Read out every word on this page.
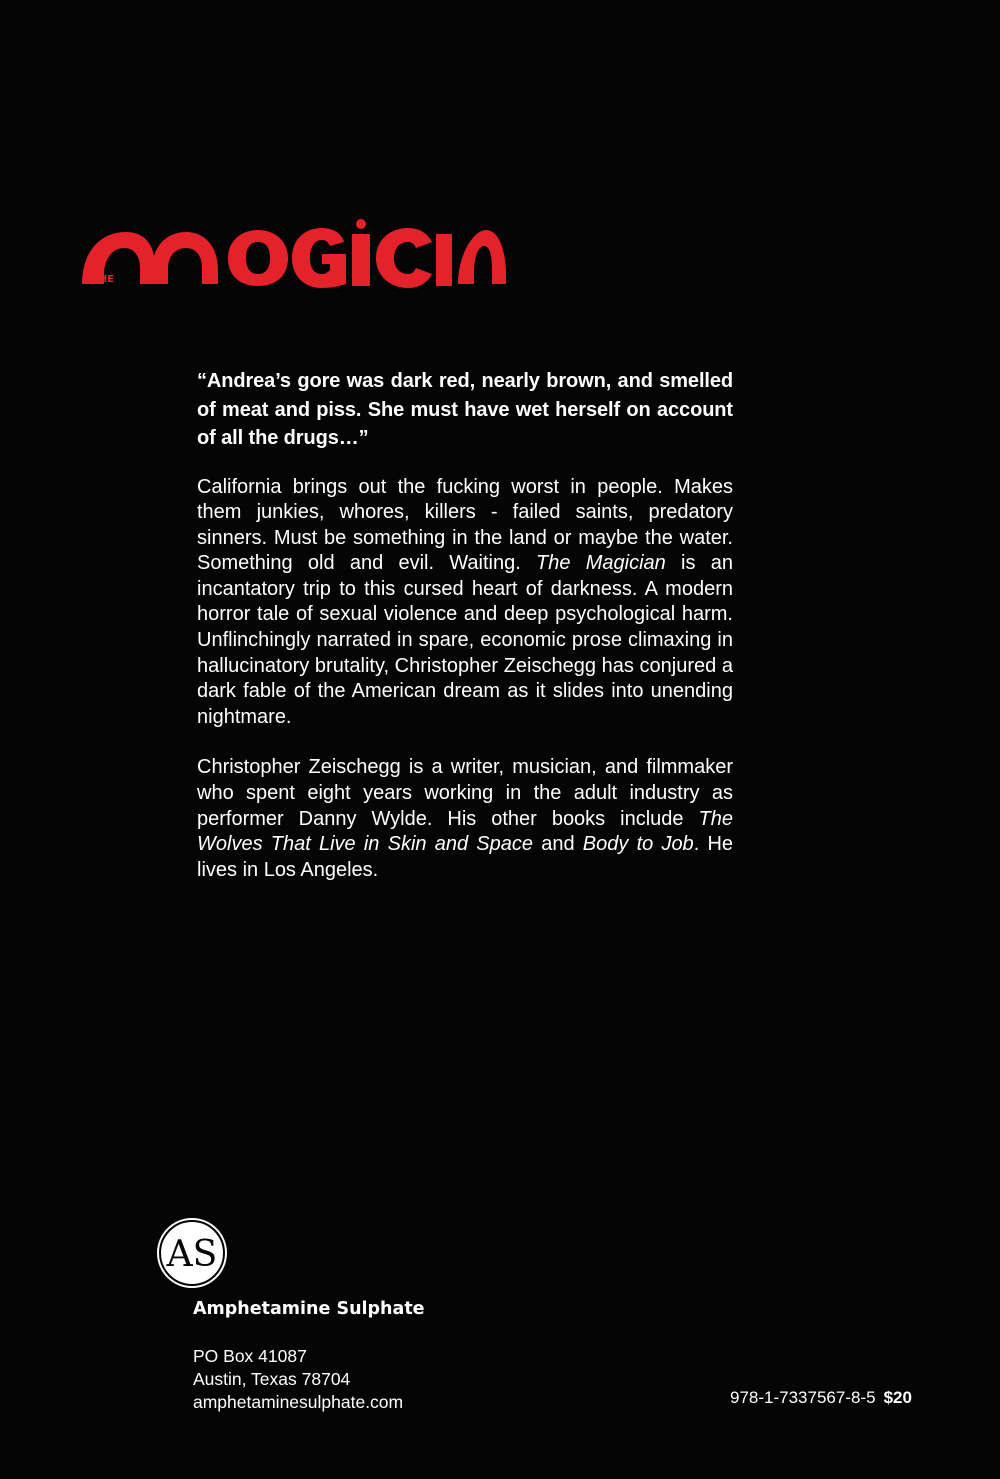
THE

“Andrea’s gore was dark red, nearly brown, and smelled of meat and piss. She must have wet herself on account of all the drugs…”

California brings out the fucking worst in people. Makes them junkies, whores, killers - failed saints, predatory sinners. Must be something in the land or maybe the water. Something old and evil. Waiting. The Magician is an incantatory trip to this cursed heart of darkness. A modern horror tale of sexual violence and deep psychological harm. Unflinchingly narrated in spare, economic prose climaxing in hallucinatory brutality, Christopher Zeischegg has conjured a dark fable of the American dream as it slides into unending nightmare.

Christopher Zeischegg is a writer, musician, and filmmaker who spent eight years working in the adult industry as performer Danny Wylde. His other books include The Wolves That Live in Skin and Space and Body to Job. He lives in Los Angeles.

AS
Amphetamine Sulphate
PO Box 41087
Austin, Texas 78704
amphetaminesulphate.com	978-1-7337567-8-5 $20
